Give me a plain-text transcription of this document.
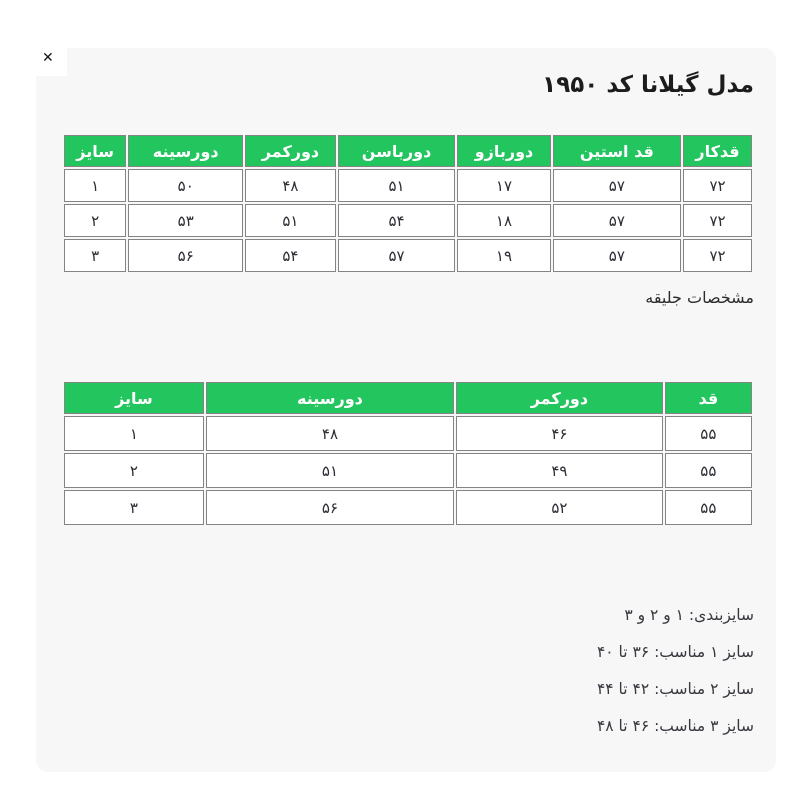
✕
مدل گیلانا کد ۱۹۵۰
قدکار	قد استین	دوربازو	دورباسن	دورکمر	دورسینه	سایز
۷۲	۵۷	۱۷	۵۱	۴۸	۵۰	۱
۷۲	۵۷	۱۸	۵۴	۵۱	۵۳	۲
۷۲	۵۷	۱۹	۵۷	۵۴	۵۶	۳
مشخصات جلیقه
قد	دورکمر	دورسینه	سایز
۵۵	۴۶	۴۸	۱
۵۵	۴۹	۵۱	۲
۵۵	۵۲	۵۶	۳
سایزبندی: ۱ و ۲ و ۳
سایز ۱ مناسب: ۳۶ تا ۴۰
سایز ۲ مناسب: ۴۲ تا ۴۴
سایز ۳ مناسب: ۴۶ تا ۴۸
